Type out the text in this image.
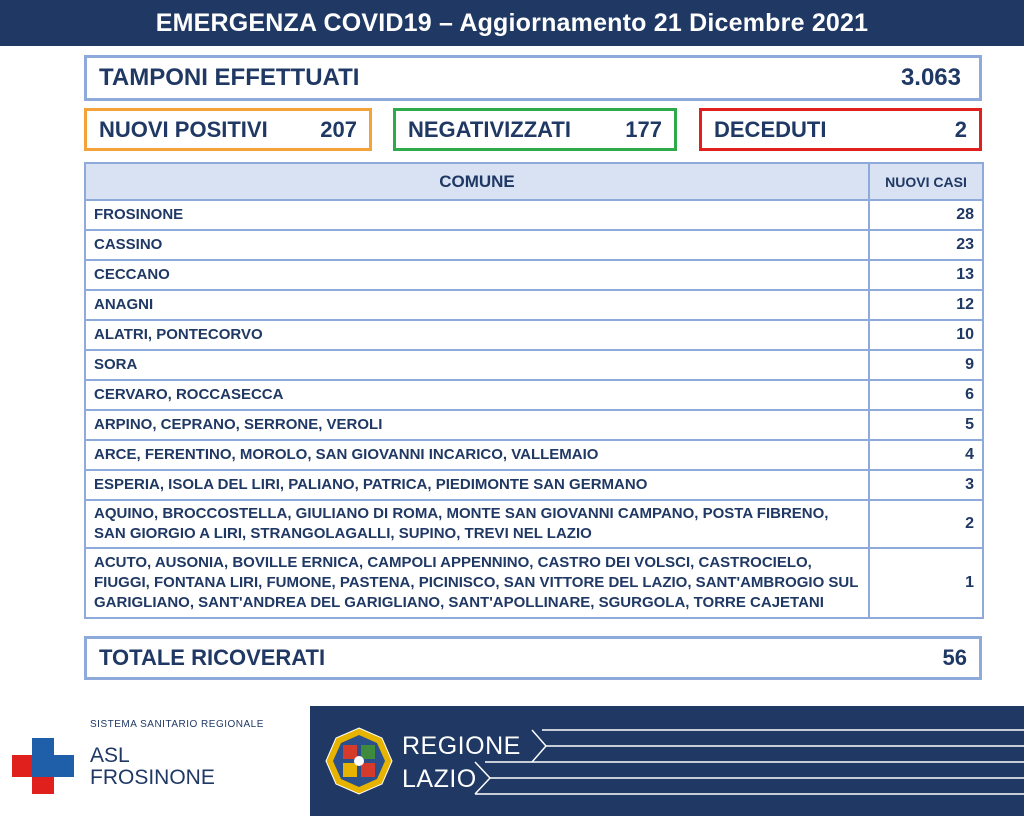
EMERGENZA COVID19 – Aggiornamento 21 Dicembre 2021
TAMPONI EFFETTUATI	3.063
NUOVI POSITIVI 207 NEGATIVIZZATI 177 DECEDUTI	2
COMUNE	NUOVI CASI
FROSINONE	28
CASSINO	23
CECCANO	13
ANAGNI	12
ALATRI, PONTECORVO	10
SORA	9
CERVARO, ROCCASECCA	6
ARPINO, CEPRANO, SERRONE, VEROLI	5
ARCE, FERENTINO, MOROLO, SAN GIOVANNI INCARICO, VALLEMAIO	4
ESPERIA, ISOLA DEL LIRI, PALIANO, PATRICA, PIEDIMONTE SAN GERMANO	3
AQUINO, BROCCOSTELLA, GIULIANO DI ROMA, MONTE SAN GIOVANNI CAMPANO, POSTA FIBRENO, SAN GIORGIO A LIRI, STRANGOLAGALLI, SUPINO, TREVI NEL LAZIO	2
ACUTO, AUSONIA, BOVILLE ERNICA, CAMPOLI APPENNINO, CASTRO DEI VOLSCI, CASTROCIELO, FIUGGI, FONTANA LIRI, FUMONE, PASTENA, PICINISCO, SAN VITTORE DEL LAZIO, SANT'AMBROGIO SUL GARIGLIANO, SANT'ANDREA DEL GARIGLIANO, SANT'APOLLINARE, SGURGOLA, TORRE CAJETANI	1
TOTALE RICOVERATI	56
SISTEMA SANITARIO REGIONALE
ASL
FROSINONE
REGIONE
LAZIO
